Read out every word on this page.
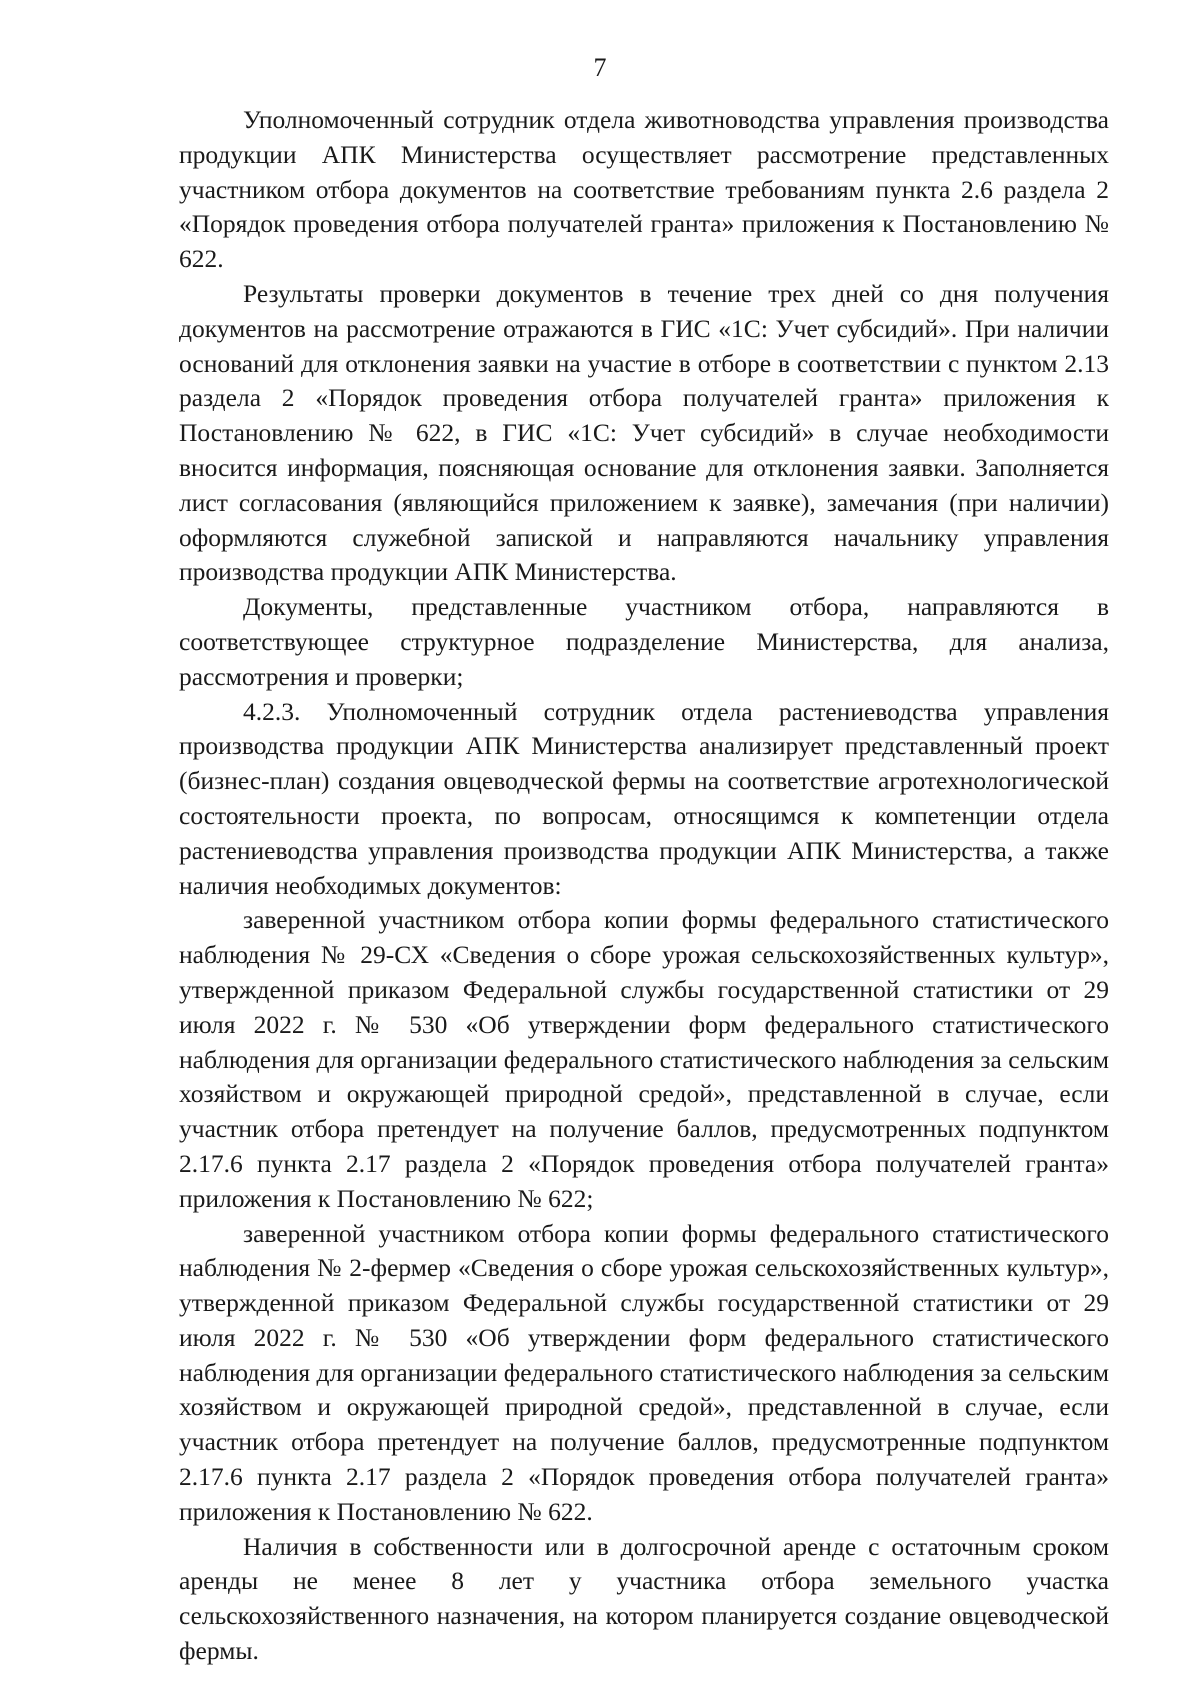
7

Уполномоченный сотрудник отдела животноводства управления производства продукции АПК Министерства осуществляет рассмотрение представленных участником отбора документов на соответствие требованиям пункта 2.6 раздела 2 «Порядок проведения отбора получателей гранта» приложения к Постановлению № 622.

Результаты проверки документов в течение трех дней со дня получения документов на рассмотрение отражаются в ГИС «1С: Учет субсидий». При наличии оснований для отклонения заявки на участие в отборе в соответствии с пунктом 2.13 раздела 2 «Порядок проведения отбора получателей гранта» приложения к Постановлению № 622, в ГИС «1С: Учет субсидий» в случае необходимости вносится информация, поясняющая основание для отклонения заявки. Заполняется лист согласования (являющийся приложением к заявке), замечания (при наличии) оформляются служебной запиской и направляются начальнику управления производства продукции АПК Министерства.

Документы, представленные участником отбора, направляются в соответствующее структурное подразделение Министерства, для анализа, рассмотрения и проверки;

4.2.3. Уполномоченный сотрудник отдела растениеводства управления производства продукции АПК Министерства анализирует представленный проект (бизнес-план) создания овцеводческой фермы на соответствие агротехнологической состоятельности проекта, по вопросам, относящимся к компетенции отдела растениеводства управления производства продукции АПК Министерства, а также наличия необходимых документов:

заверенной участником отбора копии формы федерального статистического наблюдения № 29-СХ «Сведения о сборе урожая сельскохозяйственных культур», утвержденной приказом Федеральной службы государственной статистики от 29 июля 2022 г. № 530 «Об утверждении форм федерального статистического наблюдения для организации федерального статистического наблюдения за сельским хозяйством и окружающей природной средой», представленной в случае, если участник отбора претендует на получение баллов, предусмотренных подпунктом 2.17.6 пункта 2.17 раздела 2 «Порядок проведения отбора получателей гранта» приложения к Постановлению № 622;

заверенной участником отбора копии формы федерального статистического наблюдения № 2-фермер «Сведения о сборе урожая сельскохозяйственных культур», утвержденной приказом Федеральной службы государственной статистики от 29 июля 2022 г. № 530 «Об утверждении форм федерального статистического наблюдения для организации федерального статистического наблюдения за сельским хозяйством и окружающей природной средой», представленной в случае, если участник отбора претендует на получение баллов, предусмотренные подпунктом 2.17.6 пункта 2.17 раздела 2 «Порядок проведения отбора получателей гранта» приложения к Постановлению № 622.

Наличия в собственности или в долгосрочной аренде с остаточным сроком аренды не менее 8 лет у участника отбора земельного участка сельскохозяйственного назначения, на котором планируется создание овцеводческой фермы.
